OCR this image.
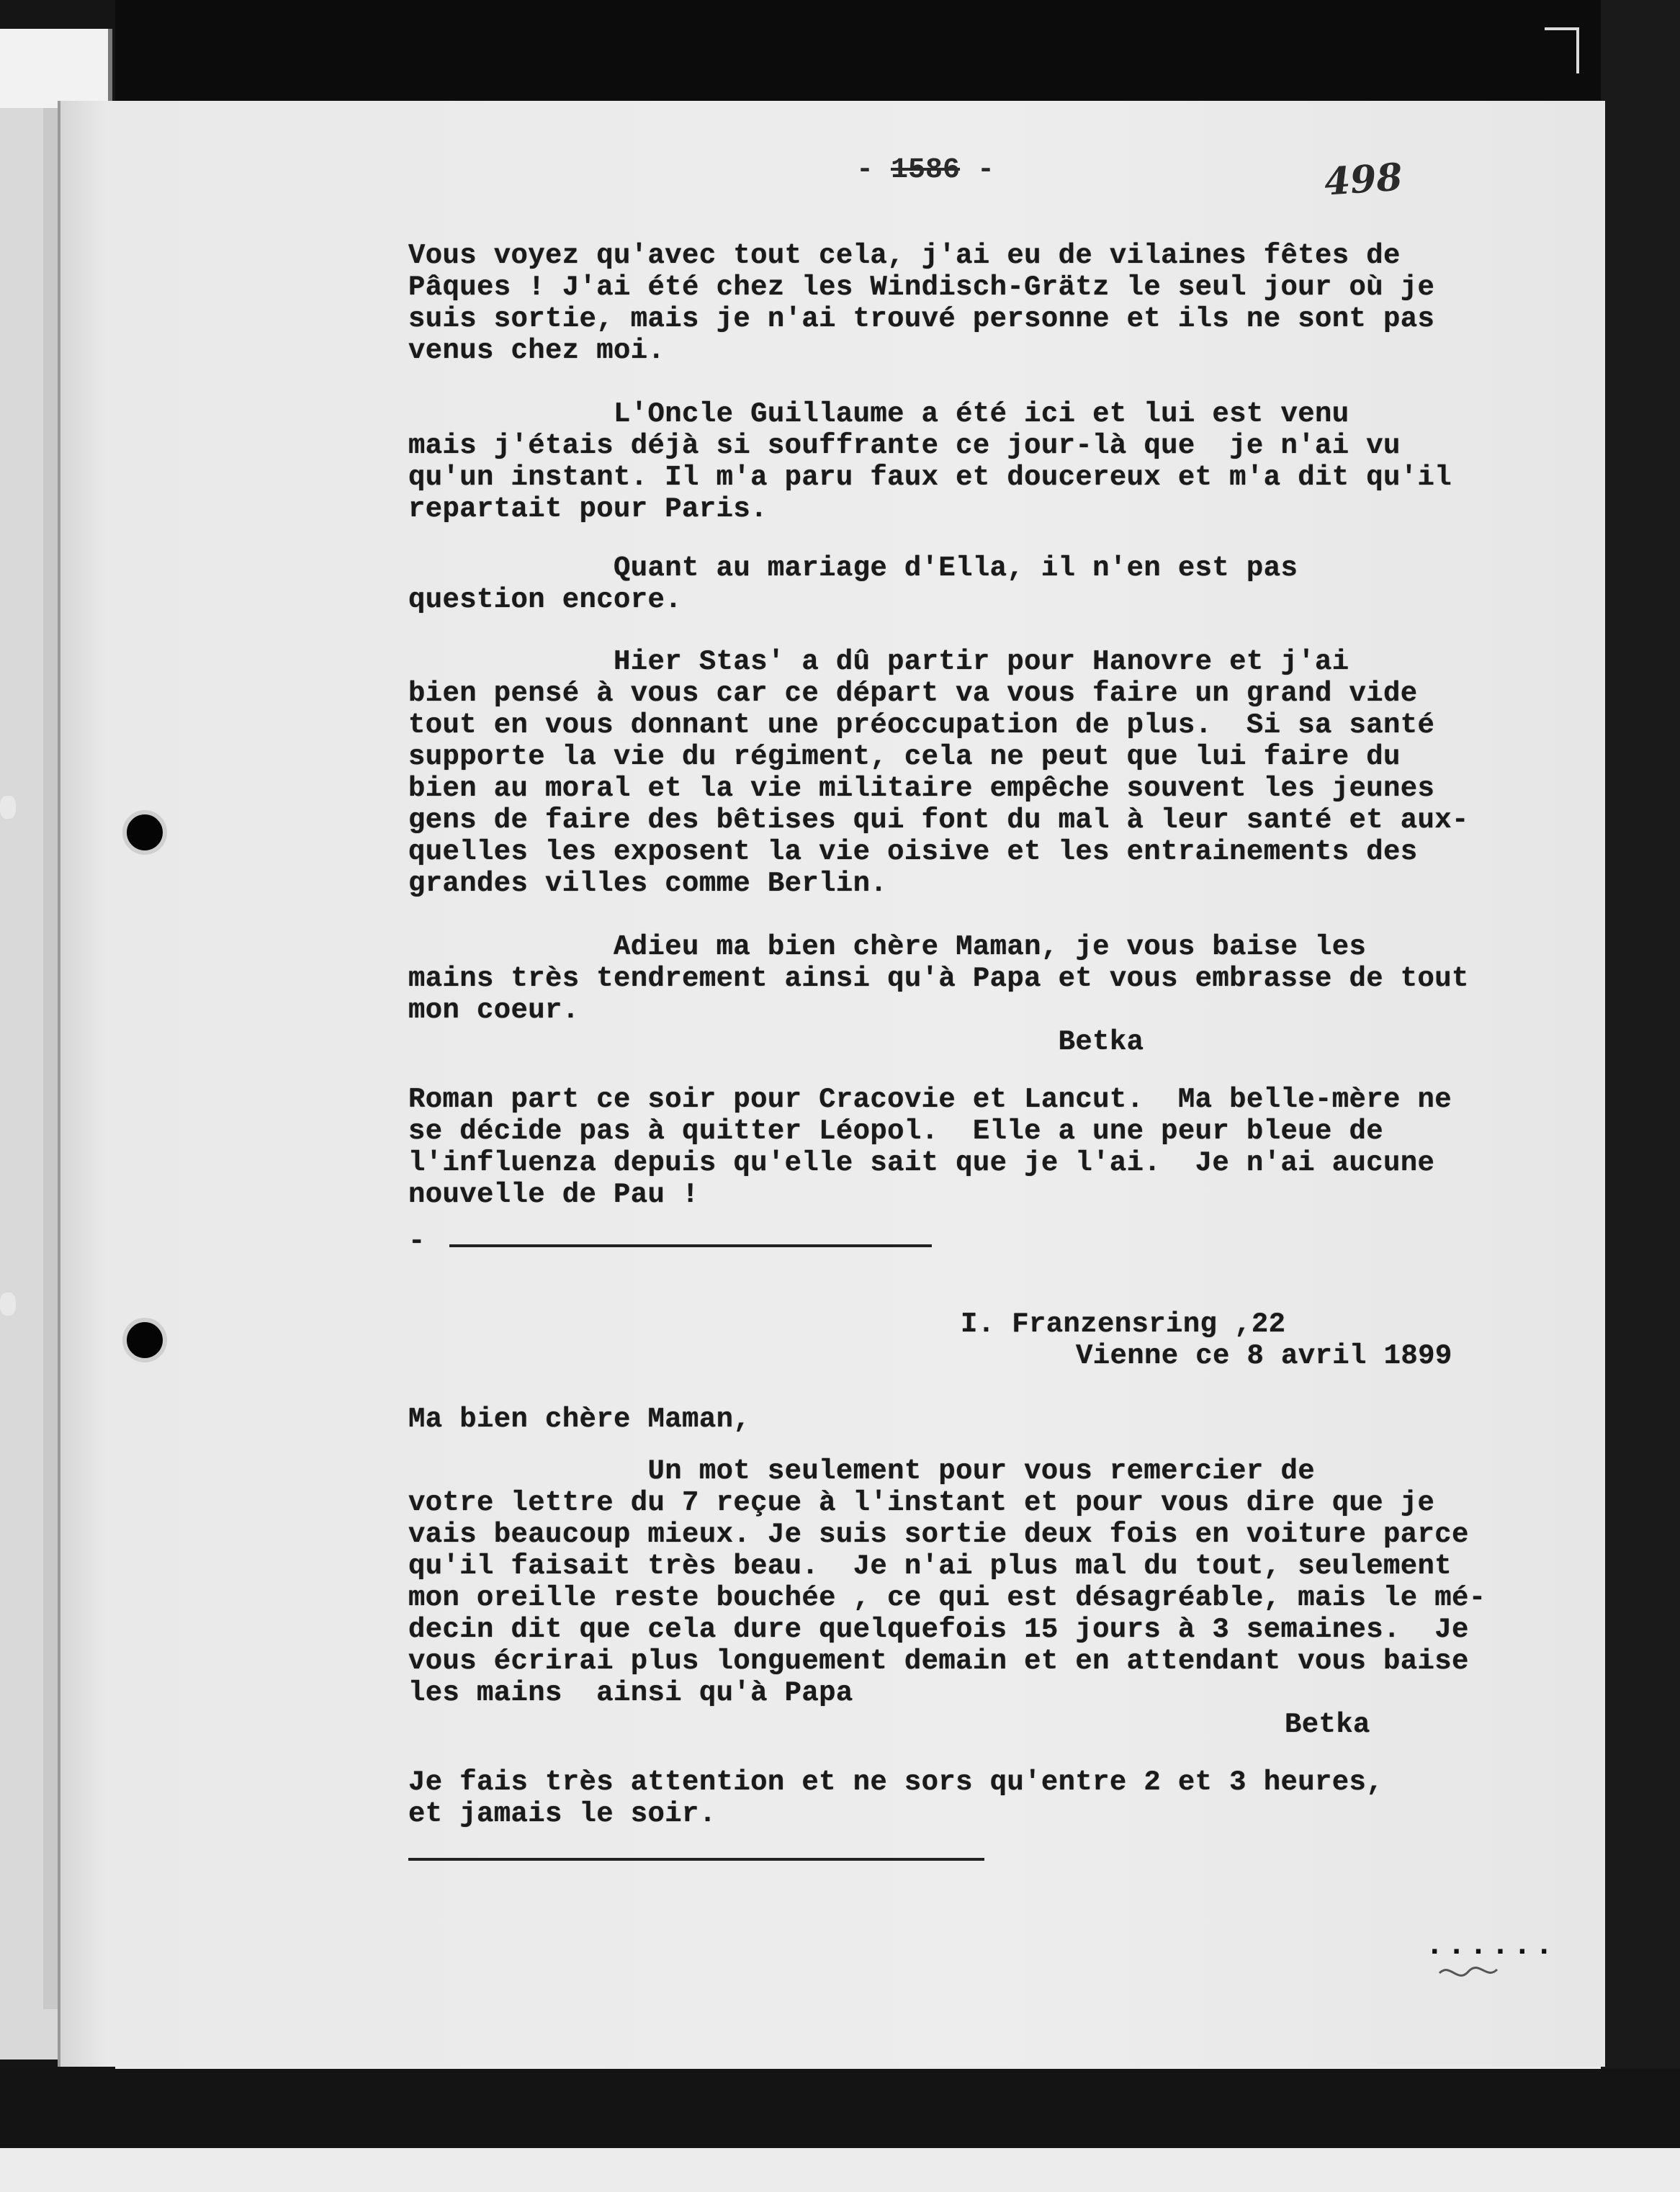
- 1586 -

	498

Vous voyez qu'avec tout cela, j'ai eu de vilaines fêtes de

Pâques ! J'ai été chez les Windisch-Grätz le seul jour où je

suis sortie, mais je n'ai trouvé personne et ils ne sont pas

venus chez moi.

L'Oncle Guillaume a été ici et lui est venu

mais j'étais déjà si souffrante ce jour-là que  je n'ai vu

qu'un instant. Il m'a paru faux et doucereux et m'a dit qu'il

repartait pour Paris.

Quant au mariage d'Ella, il n'en est pas

question encore.

Hier Stas' a dû partir pour Hanovre et j'ai

bien pensé à vous car ce départ va vous faire un grand vide

tout en vous donnant une préoccupation de plus.  Si sa santé

supporte la vie du régiment, cela ne peut que lui faire du

bien au moral et la vie militaire empêche souvent les jeunes

gens de faire des bêtises qui font du mal à leur santé et aux-

quelles les exposent la vie oisive et les entrainements des

grandes villes comme Berlin.

Adieu ma bien chère Maman, je vous baise les

mains très tendrement ainsi qu'à Papa et vous embrasse de tout

mon coeur.

Betka

Roman part ce soir pour Cracovie et Lancut.  Ma belle-mère ne

se décide pas à quitter Léopol.  Elle a une peur bleue de

l'influenza depuis qu'elle sait que je l'ai.  Je n'ai aucune

nouvelle de Pau !

-

I. Franzensring ,22

Vienne ce 8 avril 1899

Ma bien chère Maman,

Un mot seulement pour vous remercier de

votre lettre du 7 reçue à l'instant et pour vous dire que je

vais beaucoup mieux. Je suis sortie deux fois en voiture parce

qu'il faisait très beau.  Je n'ai plus mal du tout, seulement

mon oreille reste bouchée , ce qui est désagréable, mais le mé-

decin dit que cela dure quelquefois 15 jours à 3 semaines.  Je

vous écrirai plus longuement demain et en attendant vous baise

les mains  ainsi qu'à Papa

Betka

Je fais très attention et ne sors qu'entre 2 et 3 heures,

et jamais le soir.

......
